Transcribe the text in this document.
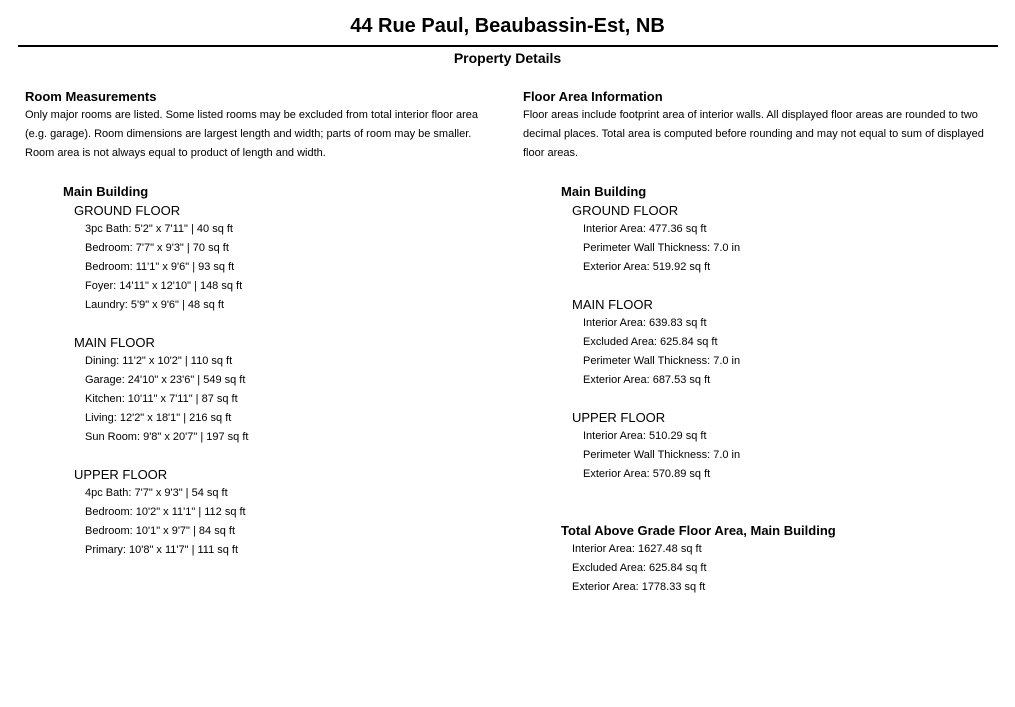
44 Rue Paul, Beaubassin-Est, NB
Property Details
Room Measurements
Only major rooms are listed. Some listed rooms may be excluded from total interior floor area
(e.g. garage). Room dimensions are largest length and width; parts of room may be smaller.
Room area is not always equal to product of length and width.
Main Building
GROUND FLOOR
3pc Bath: 5'2" x 7'11" | 40 sq ft
Bedroom: 7'7" x 9'3" | 70 sq ft
Bedroom: 11'1" x 9'6" | 93 sq ft
Foyer: 14'11" x 12'10" | 148 sq ft
Laundry: 5'9" x 9'6" | 48 sq ft
MAIN FLOOR
Dining: 11'2" x 10'2" | 110 sq ft
Garage: 24'10" x 23'6" | 549 sq ft
Kitchen: 10'11" x 7'11" | 87 sq ft
Living: 12'2" x 18'1" | 216 sq ft
Sun Room: 9'8" x 20'7" | 197 sq ft
UPPER FLOOR
4pc Bath: 7'7" x 9'3" | 54 sq ft
Bedroom: 10'2" x 11'1" | 112 sq ft
Bedroom: 10'1" x 9'7" | 84 sq ft
Primary: 10'8" x 11'7" | 111 sq ft
Floor Area Information
Floor areas include footprint area of interior walls. All displayed floor areas are rounded to two
decimal places. Total area is computed before rounding and may not equal to sum of displayed
floor areas.
Main Building
GROUND FLOOR
Interior Area: 477.36 sq ft
Perimeter Wall Thickness: 7.0 in
Exterior Area: 519.92 sq ft
MAIN FLOOR
Interior Area: 639.83 sq ft
Excluded Area: 625.84 sq ft
Perimeter Wall Thickness: 7.0 in
Exterior Area: 687.53 sq ft
UPPER FLOOR
Interior Area: 510.29 sq ft
Perimeter Wall Thickness: 7.0 in
Exterior Area: 570.89 sq ft
Total Above Grade Floor Area, Main Building
Interior Area: 1627.48 sq ft
Excluded Area: 625.84 sq ft
Exterior Area: 1778.33 sq ft
